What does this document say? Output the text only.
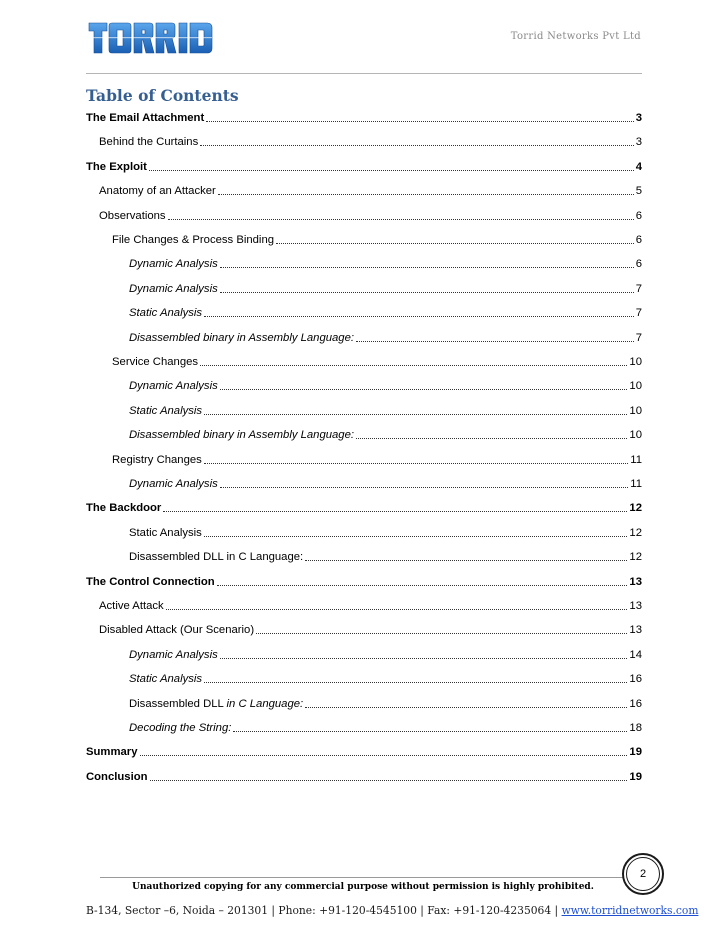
Torrid Networks Pvt Ltd
Table of Contents
The Email Attachment	3
Behind the Curtains	3
The Exploit	4
Anatomy of an Attacker	5
Observations	6
File Changes & Process Binding	6
Dynamic Analysis	6
Dynamic Analysis	7
Static Analysis	7
Disassembled binary in Assembly Language:	7
Service Changes	10
Dynamic Analysis	10
Static Analysis	10
Disassembled binary in Assembly Language:	10
Registry Changes	11
Dynamic Analysis	11
The Backdoor	12
Static Analysis	12
Disassembled DLL in C Language:	12
The Control Connection	13
Active Attack	13
Disabled Attack (Our Scenario)	13
Dynamic Analysis	14
Static Analysis	16
Disassembled DLL in C Language:	16
Decoding the String:	18
Summary	19
Conclusion	19
2
Unauthorized copying for any commercial purpose without permission is highly prohibited.
B-134, Sector –6, Noida – 201301 | Phone: +91-120-4545100 | Fax: +91-120-4235064 | www.torridnetworks.com
